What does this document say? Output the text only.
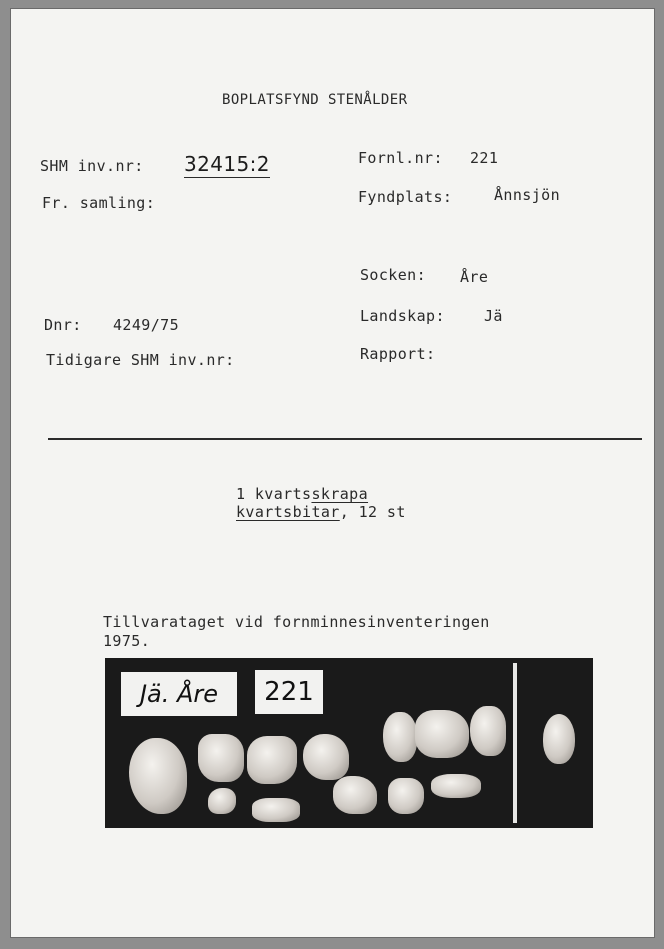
BOPLATSFYND STENÅLDER
SHM inv.nr: 32415:2
Fr. samling:
Dnr: 4249/75
Tidigare SHM inv.nr:
Fornl.nr: 221
Fyndplats:	Ånnsjön
Socken: Åre
Landskap:	Jä
Rapport:
1 kvartsskrapa
kvartsbitar, 12 st
Tillvarataget vid fornminnesinventeringen
1975.
Jä. Åre	221
